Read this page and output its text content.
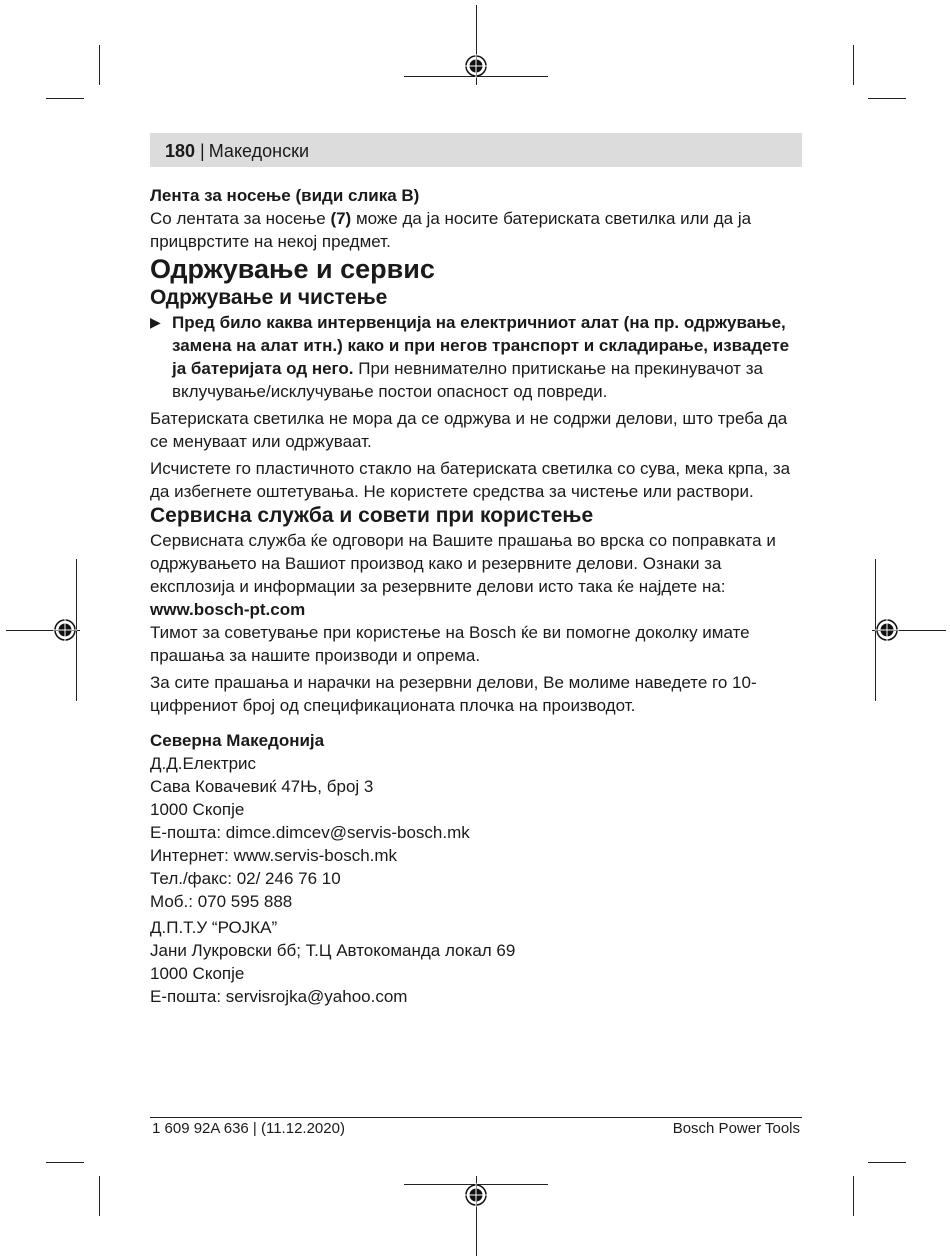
180 | Македонски

Лента за носење (види слика B)

Со лентата за носење (7) може да ја носите батериската светилка или да ја прицврстите на некој предмет.

Одржување и сервис

Одржување и чистење

▶ Пред било каква интервенција на електричниот алат (на пр. одржување, замена на алат итн.) како и при негов транспорт и складирање, извадете ја батеријата од него. При невнимателно притискање на прекинувачот за вклучување/исклучување постои опасност од повреди.

Батериската светилка не мора да се одржува и не содржи делови, што треба да се менуваат или одржуваат.

Исчистете го пластичното стакло на батериската светилка со сува, мека крпа, за да избегнете оштетувања. Не користете средства за чистење или раствори.

Сервисна служба и совети при користење

Сервисната служба ќе одговори на Вашите прашања во врска со поправката и одржувањето на Вашиот производ како и резервните делови. Ознаки за експлозија и информации за резервните делови исто така ќе најдете на: www.bosch-pt.com
Тимот за советување при користење на Bosch ќе ви помогне доколку имате прашања за нашите производи и опрема.

За сите прашања и нарачки на резервни делови, Ве молиме наведете го 10-цифрениот број од спецификационата плочка на производот.

Северна Македонија

Д.Д.Електрис
Сава Ковачевиќ 47Њ, број 3
1000 Скопје
Е-пошта: dimce.dimcev@servis-bosch.mk
Интернет: www.servis-bosch.mk
Тел./факс: 02/ 246 76 10
Моб.: 070 595 888
Д.П.Т.У “РОЈКА”
Јани Лукровски бб; Т.Ц Автокоманда локал 69
1000 Скопје
Е-пошта: servisrojka@yahoo.com
1 609 92A 636 | (11.12.2020)	Bosch Power Tools
